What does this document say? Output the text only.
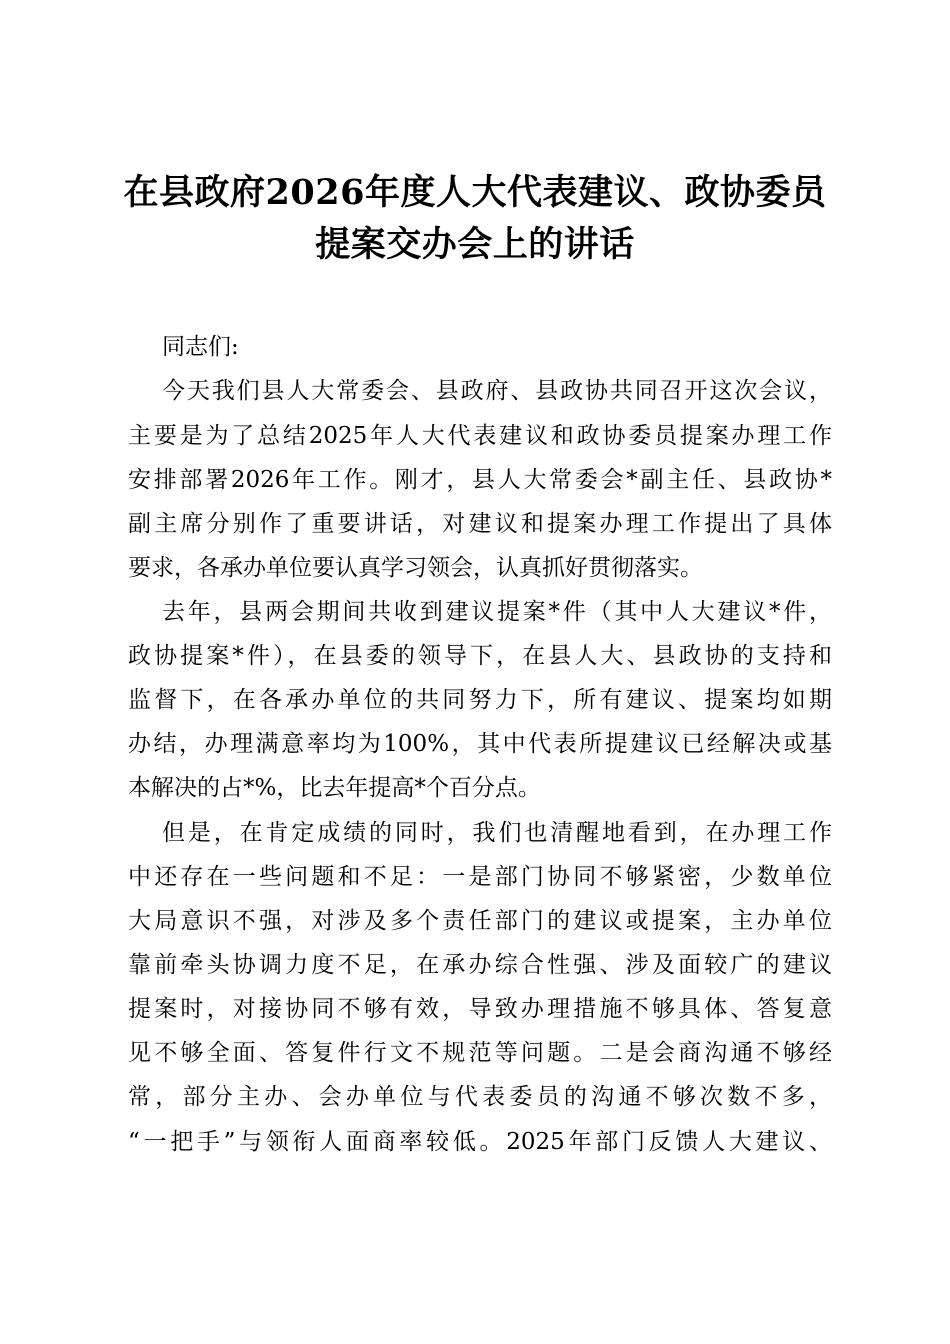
在县政府2026年度人大代表建议、政协委员
提案交办会上的讲话
同志们:
今天我们县人大常委会、县政府、县政协共同召开这次会议，
主要是为了总结2025年人大代表建议和政协委员提案办理工作
安排部署2026年工作。刚才，县人大常委会*副主任、县政协*
副主席分别作了重要讲话，对建议和提案办理工作提出了具体
要求，各承办单位要认真学习领会，认真抓好贯彻落实。
去年，县两会期间共收到建议提案*件（其中人大建议*件，
政协提案*件），在县委的领导下，在县人大、县政协的支持和
监督下，在各承办单位的共同努力下，所有建议、提案均如期
办结，办理满意率均为100%，其中代表所提建议已经解决或基
本解决的占*%，比去年提高*个百分点。
但是，在肯定成绩的同时，我们也清醒地看到，在办理工作
中还存在一些问题和不足：一是部门协同不够紧密，少数单位
大局意识不强，对涉及多个责任部门的建议或提案，主办单位
靠前牵头协调力度不足，在承办综合性强、涉及面较广的建议
提案时，对接协同不够有效，导致办理措施不够具体、答复意
见不够全面、答复件行文不规范等问题。二是会商沟通不够经
常，部分主办、会办单位与代表委员的沟通不够次数不多，
“一把手”与领衔人面商率较低。2025年部门反馈人大建议、
